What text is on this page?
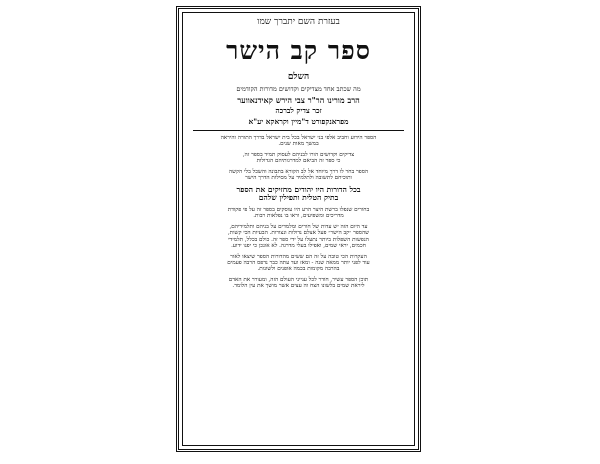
בעזרת השם יתברך שמו
ספר קב הישר
השלם
מה שכתב אחד מצדיקים וקדושים מדורות הקודמים
הרב מורינו הר"ר צבי הירש קאידנאווער
זכר צדיק לברכה
מפראנקפורט ד"מיין וקראקא יע"א
הספר הידוע וחביב אלפי בני ישראל בכל בית ישראל בדרך התורה והיראה
במשך מאות שנים.
צדיקים וקדושים הורו לבניהם לעסוק תמיד בספר זה,
כי ספר זה הביאם למדרגותיהם הגדולות
הספר בחר לו דרך מיוחד אל לב הקורא בתבונה והשכל בלי הקשה
ותוכיחם לתשובה ולתלמיד על מסילות הדרך הישר
בכל הדורות היו יהודים מחזיקים את הספר
בתיק הטלית ותפילין שלהם
בחורים שנפלו ברשת היצר הרע היו עוסקים בספר זה על פי פקודת
מדריכים ומשפיעים, וראו בו נפלאות רבות.
עד היום הזה יש עדות של חורים ומלמדים על בניהם ותלמידיהם,
שהספר ״קב הישר״ פעל אצלם נדולות ונצורות. הבעיות הכי קשות,
הנפשות השפלות ביותר נתעלו על ידי ספר זה. כולם בכלל, תלמידי
חכמים, יראי שמים, ואפילו בעלי מדרגה. לא אונכן כי יפנו ידוע.
העקרות הכי טובה על זה הם ששים מהדורות הספר שיצאו לאור
עוד לפני יותר ממאה שנה - ומאז ועד עתה כבר נדפס הרבה פעמים
בהרבה מקומות בכמה אופנים ולשונות.
תוכן הספר עשיר, חודר לכל ענייני העולם הזה, ומעורר את האדם
ליראת שמים בלשונו הצח וה עצים אשר מושך את עין הלומד.
